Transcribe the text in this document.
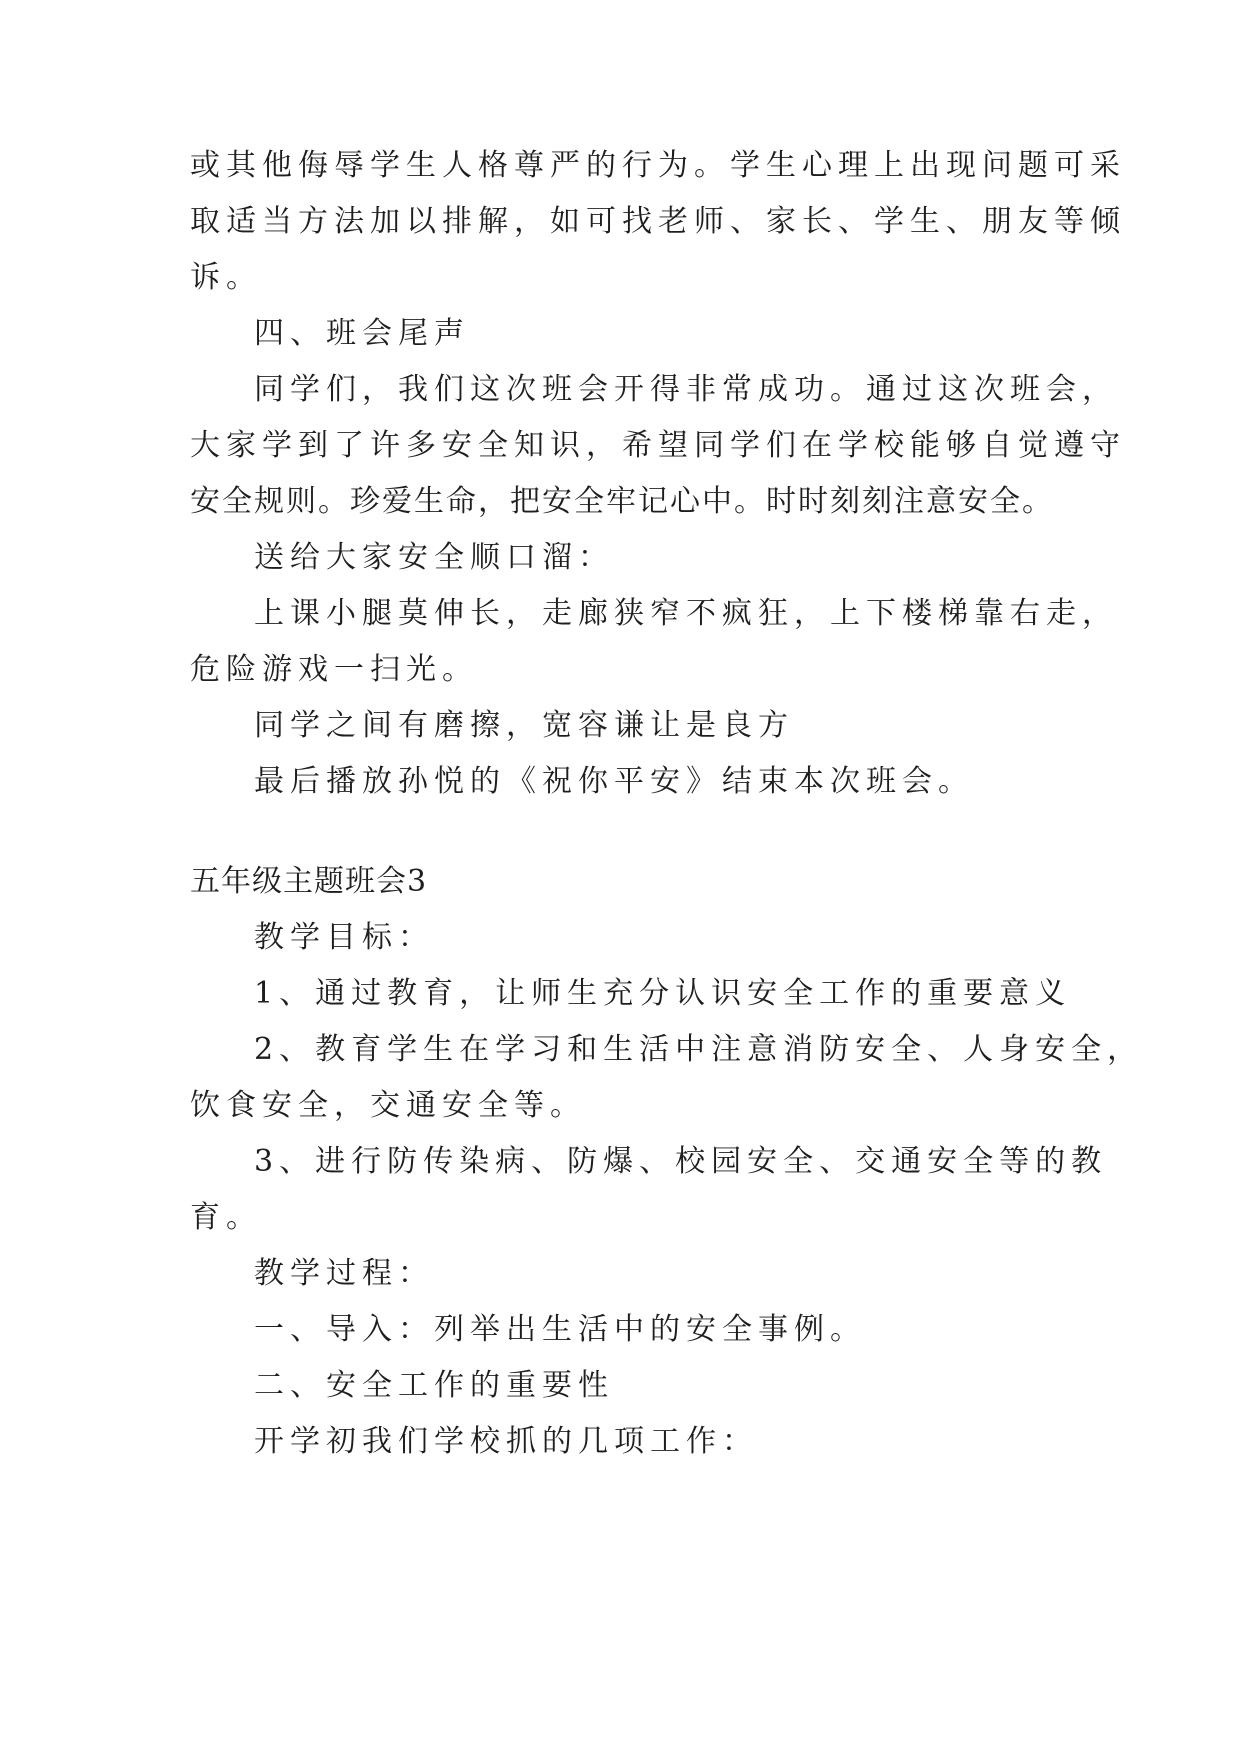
或其他侮辱学生人格尊严的行为。学生心理上出现问题可采

取适当方法加以排解，如可找老师、家长、学生、朋友等倾

诉。

四、班会尾声

同学们，我们这次班会开得非常成功。通过这次班会，

大家学到了许多安全知识，希望同学们在学校能够自觉遵守

安全规则。珍爱生命，把安全牢记心中。时时刻刻注意安全。

送给大家安全顺口溜：

上课小腿莫伸长，走廊狭窄不疯狂，上下楼梯靠右走，

危险游戏一扫光。

同学之间有磨擦，宽容谦让是良方

最后播放孙悦的《祝你平安》结束本次班会。

五年级主题班会3

教学目标：

1、通过教育，让师生充分认识安全工作的重要意义

2、教育学生在学习和生活中注意消防安全、人身安全，

饮食安全，交通安全等。

3、进行防传染病、防爆、校园安全、交通安全等的教

育。

教学过程：

一、导入：列举出生活中的安全事例。

二、安全工作的重要性

开学初我们学校抓的几项工作：
